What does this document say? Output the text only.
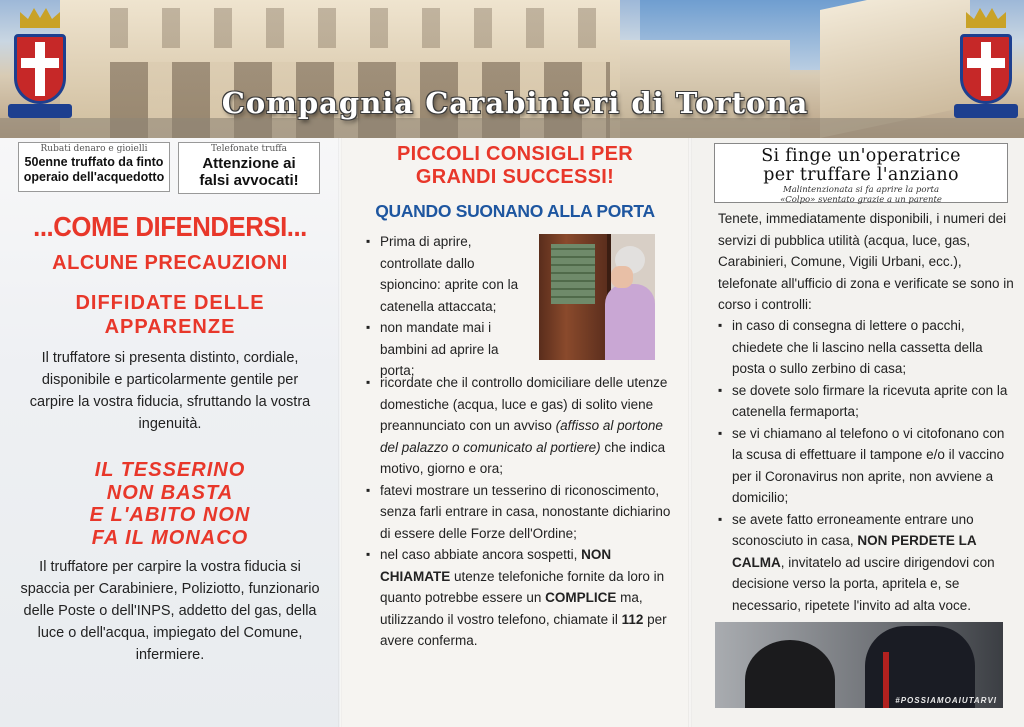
Compagnia Carabinieri di Tortona
Rubati denaro e gioielli
50enne truffato da finto
operaio dell'acquedotto
Telefonate truffa
Attenzione ai
falsi avvocati!
...COME DIFENDERSI...
ALCUNE PRECAUZIONI
DIFFIDATE DELLE
APPARENZE
Il truffatore si presenta distinto, cordiale, disponibile e particolarmente gentile per carpire la vostra fiducia, sfruttando la vostra ingenuità.
IL TESSERINO
NON BASTA
E L'ABITO NON
FA IL MONACO
Il truffatore per carpire la vostra fiducia si spaccia per Carabiniere, Poliziotto, funzionario delle Poste o dell'INPS, addetto del gas, della luce o dell'acqua, impiegato del Comune, infermiere.
PICCOLI CONSIGLI PER
GRANDI SUCCESSI!
QUANDO SUONANO ALLA PORTA
▪ Prima di aprire, controllate dallo spioncino: aprite con la catenella attaccata;
▪ non mandate mai i bambini ad aprire la porta;
▪ ricordate che il controllo domiciliare delle utenze domestiche (acqua, luce e gas) di solito viene preannunciato con un avviso (affisso al portone del palazzo o comunicato al portiere) che indica motivo, giorno e ora;
▪ fatevi mostrare un tesserino di riconoscimento, senza farli entrare in casa, nonostante dichiarino di essere delle Forze dell'Ordine;
▪ nel caso abbiate ancora sospetti, NON CHIAMATE utenze telefoniche fornite da loro in quanto potrebbe essere un COMPLICE ma, utilizzando il vostro telefono, chiamate il 112 per avere conferma.
Si finge un'operatrice
per truffare l'anziano
Malintenzionata si fa aprire la porta
«Colpo» sventato grazie a un parente
Tenete, immediatamente disponibili, i numeri dei servizi di pubblica utilità (acqua, luce, gas, Carabinieri, Comune, Vigili Urbani, ecc.), telefonate all'ufficio di zona e verificate se sono in corso i controlli:
▪ in caso di consegna di lettere o pacchi, chiedete che li lascino nella cassetta della posta o sullo zerbino di casa;
▪ se dovete solo firmare la ricevuta aprite con la catenella fermaporta;
▪ se vi chiamano al telefono o vi citofonano con la scusa di effettuare il tampone e/o il vaccino per il Coronavirus non aprite, non avviene a domicilio;
▪ se avete fatto erroneamente entrare uno sconosciuto in casa, NON PERDETE LA CALMA, invitatelo ad uscire dirigendovi con decisione verso la porta, apritela e, se necessario, ripetete l'invito ad alta voce.
#POSSIAMOAIUTARVI
